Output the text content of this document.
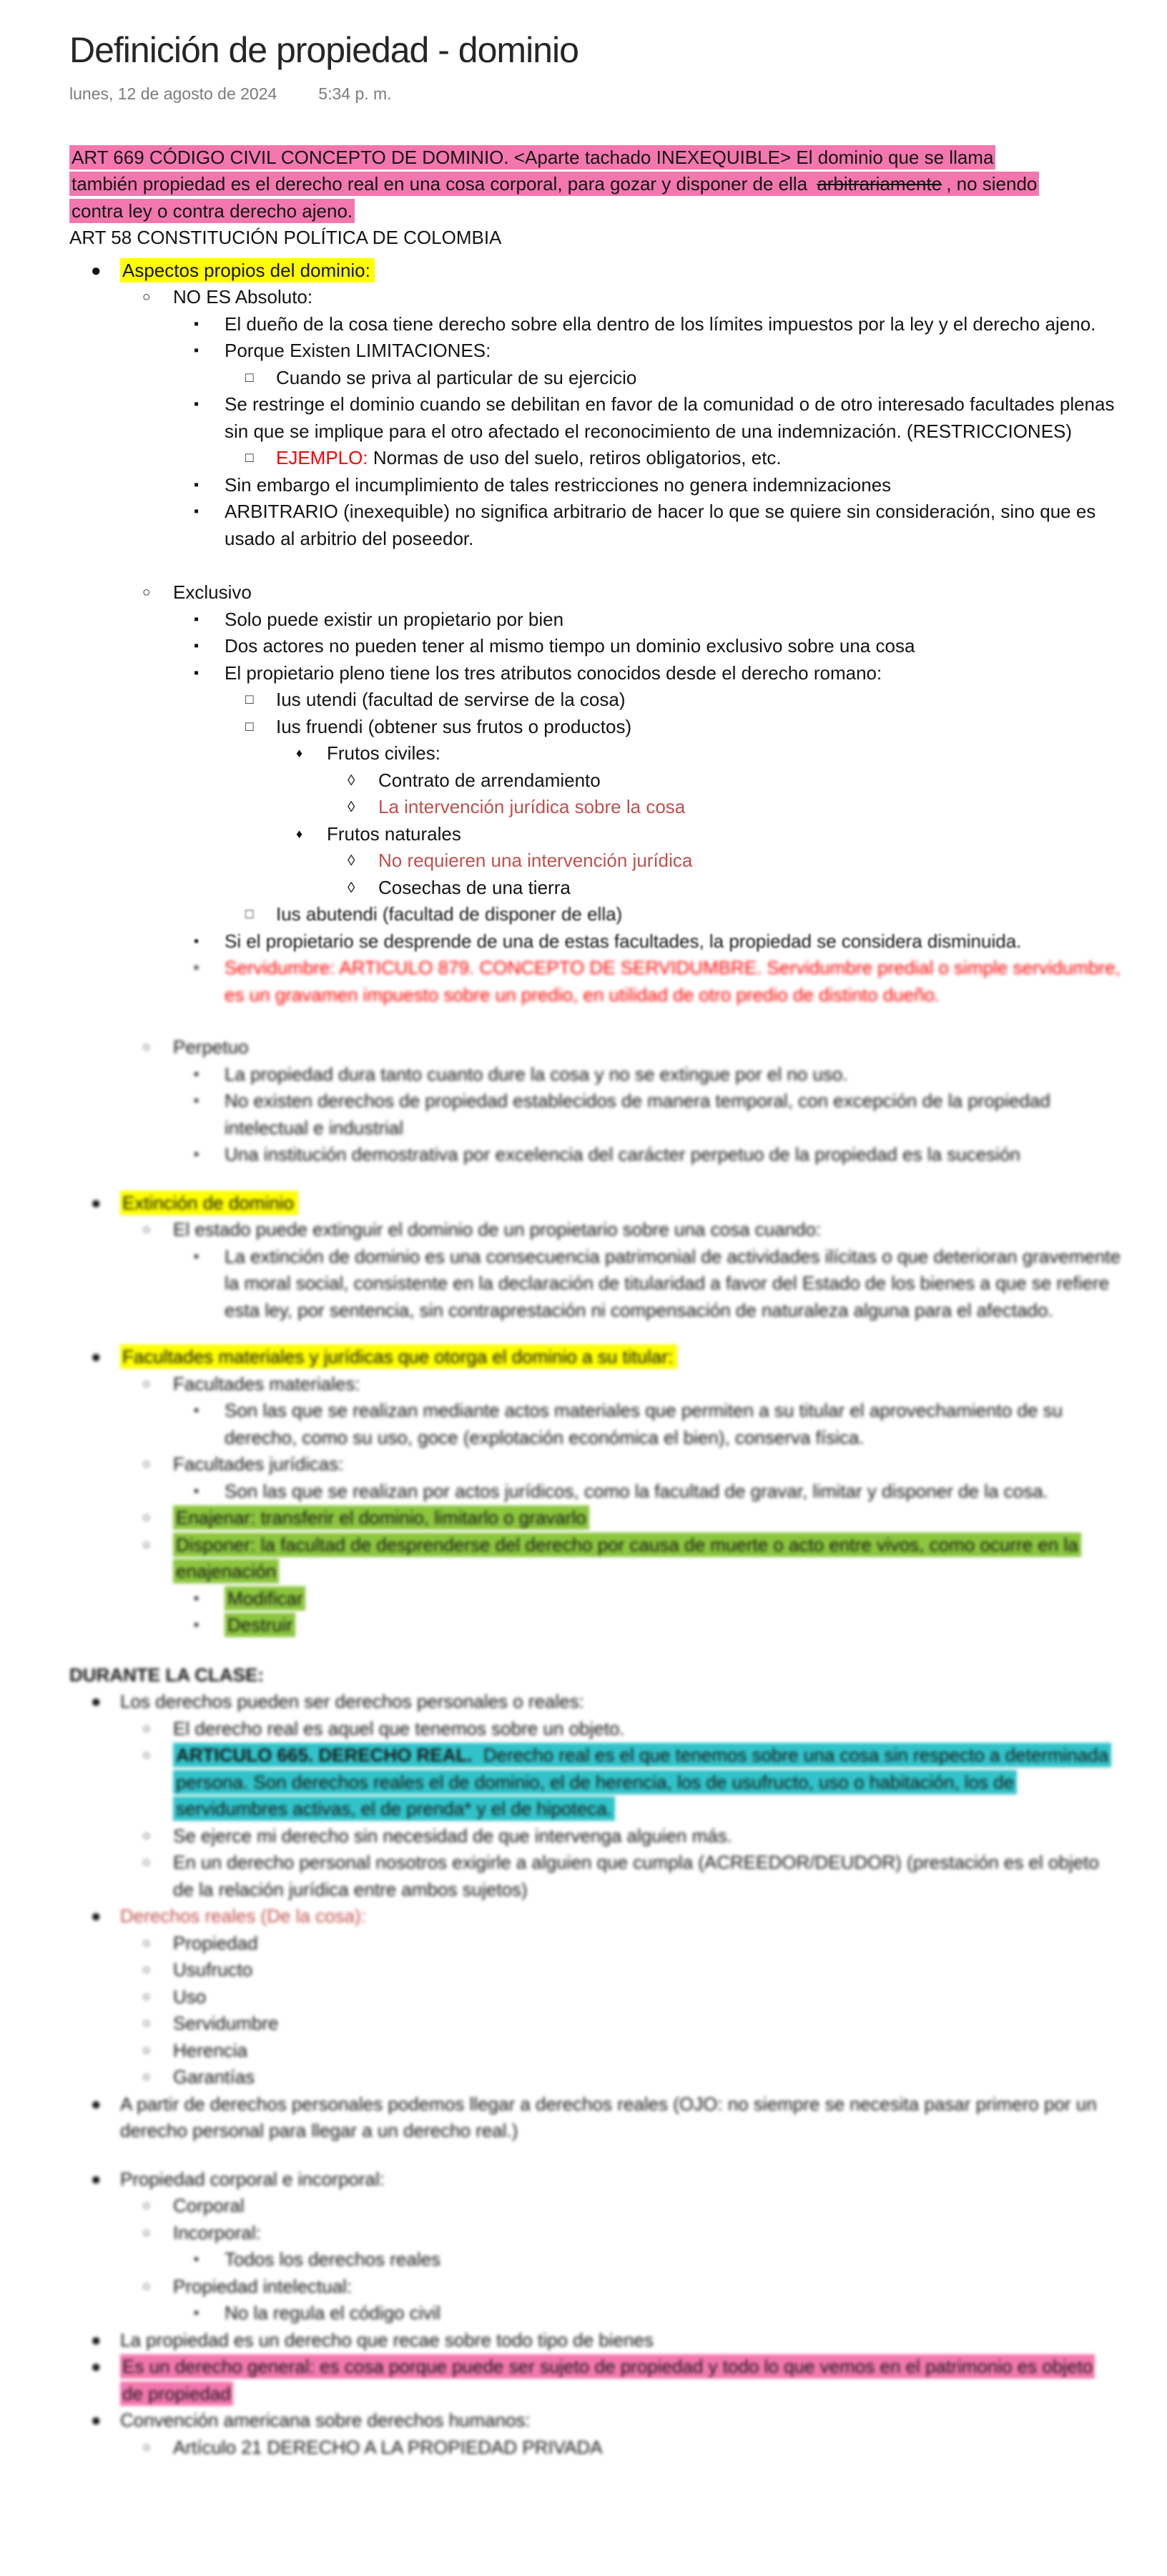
Definición de propiedad - dominio
lunes, 12 de agosto de 2024	5:34 p. m.
ART 669 CÓDIGO CIVIL CONCEPTO DE DOMINIO. <Aparte tachado INEXEQUIBLE> El dominio que se llama también propiedad es el derecho real en una cosa corporal, para gozar y disponer de ella arbitrariamente , no siendo contra ley o contra derecho ajeno.
ART 58 CONSTITUCIÓN POLÍTICA DE COLOMBIA
● Aspectos propios del dominio:
○ NO ES Absoluto:
▪ El dueño de la cosa tiene derecho sobre ella dentro de los límites impuestos por la ley y el derecho ajeno.
▪ Porque Existen LIMITACIONES:
□ Cuando se priva al particular de su ejercicio
▪ Se restringe el dominio cuando se debilitan en favor de la comunidad o de otro interesado facultades plenas sin que se implique para el otro afectado el reconocimiento de una indemnización. (RESTRICCIONES)
□ EJEMPLO: Normas de uso del suelo, retiros obligatorios, etc.
▪ Sin embargo el incumplimiento de tales restricciones no genera indemnizaciones
▪ ARBITRARIO (inexequible) no significa arbitrario de hacer lo que se quiere sin consideración, sino que es usado al arbitrio del poseedor.
○ Exclusivo
▪ Solo puede existir un propietario por bien
▪ Dos actores no pueden tener al mismo tiempo un dominio exclusivo sobre una cosa
▪ El propietario pleno tiene los tres atributos conocidos desde el derecho romano:
□ Ius utendi (facultad de servirse de la cosa)
□ Ius fruendi (obtener sus frutos o productos)
♦ Frutos civiles:
◊ Contrato de arrendamiento
◊ La intervención jurídica sobre la cosa
♦ Frutos naturales
◊ No requieren una intervención jurídica
◊ Cosechas de una tierra
□ Ius abutendi (facultad de disponer de ella)
▪ Si el propietario se desprende de una de estas facultades, la propiedad se considera disminuida.
▪ Servidumbre: ARTICULO 879. CONCEPTO DE SERVIDUMBRE. Servidumbre predial o simple servidumbre, es un gravamen impuesto sobre un predio, en utilidad de otro predio de distinto dueño.
○ Perpetuo
▪ La propiedad dura tanto cuanto dure la cosa y no se extingue por el no uso.
▪ No existen derechos de propiedad establecidos de manera temporal, con excepción de la propiedad intelectual e industrial
▪ Una institución demostrativa por excelencia del carácter perpetuo de la propiedad es la sucesión
● Extinción de dominio
○ El estado puede extinguir el dominio de un propietario sobre una cosa cuando:
▪ La extinción de dominio es una consecuencia patrimonial de actividades ilícitas o que deterioran gravemente la moral social, consistente en la declaración de titularidad a favor del Estado de los bienes a que se refiere esta ley, por sentencia, sin contraprestación ni compensación de naturaleza alguna para el afectado.
● Facultades materiales y jurídicas que otorga el dominio a su titular:
○ Facultades materiales:
▪ Son las que se realizan mediante actos materiales que permiten a su titular el aprovechamiento de su derecho, como su uso, goce (explotación económica el bien), conserva física.
○ Facultades jurídicas:
▪ Son las que se realizan por actos jurídicos, como la facultad de gravar, limitar y disponer de la cosa.
○ Enajenar: transferir el dominio, limitarlo o gravarlo
○ Disponer: la facultad de desprenderse del derecho por causa de muerte o acto entre vivos, como ocurre en la enajenación
▪ Modificar
▪ Destruir
DURANTE LA CLASE:
● Los derechos pueden ser derechos personales o reales:
○ El derecho real es aquel que tenemos sobre un objeto.
○ ARTICULO 665. DERECHO REAL. Derecho real es el que tenemos sobre una cosa sin respecto a determinada persona. Son derechos reales el de dominio, el de herencia, los de usufructo, uso o habitación, los de servidumbres activas, el de prenda* y el de hipoteca.
○ Se ejerce mi derecho sin necesidad de que intervenga alguien más.
○ En un derecho personal nosotros exigirle a alguien que cumpla (ACREEDOR/DEUDOR) (prestación es el objeto de la relación jurídica entre ambos sujetos)
● Derechos reales (De la cosa):
○ Propiedad
○ Usufructo
○ Uso
○ Servidumbre
○ Herencia
○ Garantías
● A partir de derechos personales podemos llegar a derechos reales (OJO: no siempre se necesita pasar primero por un derecho personal para llegar a un derecho real.)
● Propiedad corporal e incorporal:
○ Corporal
○ Incorporal:
▪ Todos los derechos reales
○ Propiedad intelectual:
▪ No la regula el código civil
● La propiedad es un derecho que recae sobre todo tipo de bienes
● Es un derecho general: es cosa porque puede ser sujeto de propiedad y todo lo que vemos en el patrimonio es objeto de propiedad
● Convención americana sobre derechos humanos:
○ Artículo 21 DERECHO A LA PROPIEDAD PRIVADA
